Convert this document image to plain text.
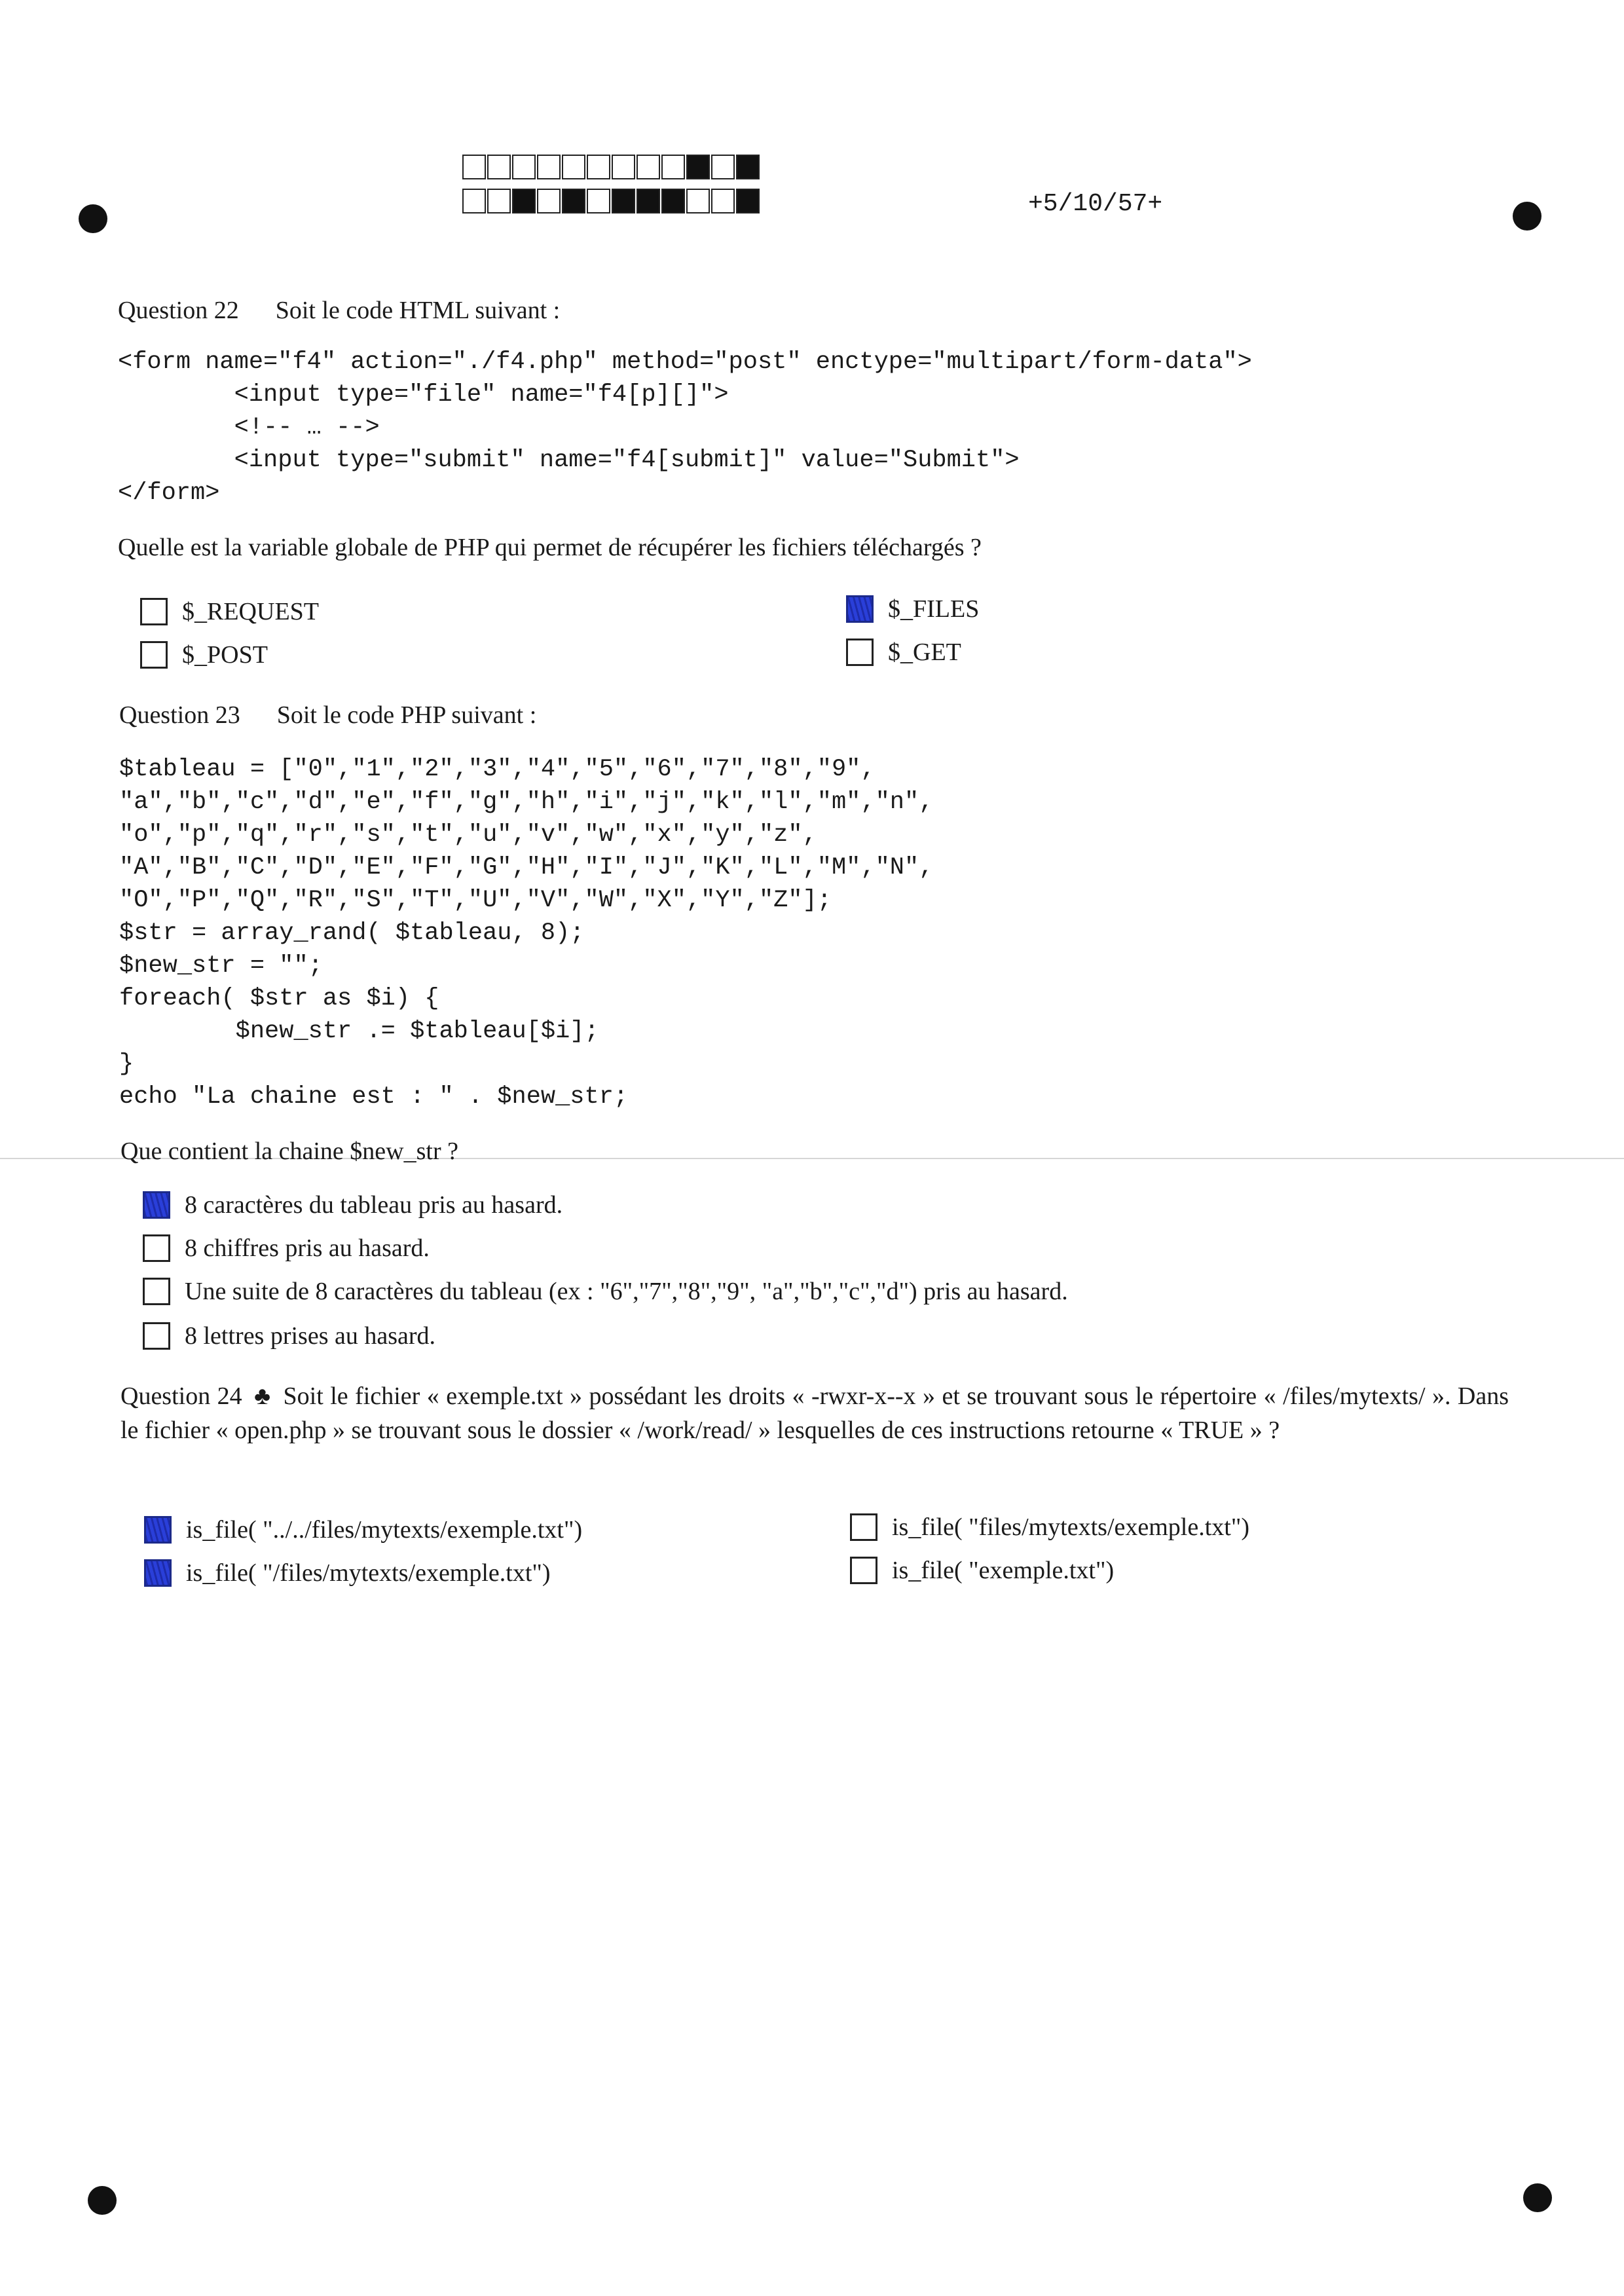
+5/10/57+
Question 22 Soit le code HTML suivant :
<form name="f4" action="./f4.php" method="post" enctype="multipart/form-data">
<input type="file" name="f4[p][]">
<!-- … -->
<input type="submit" name="f4[submit]" value="Submit">
</form>
Quelle est la variable globale de PHP qui permet de récupérer les fichiers téléchargés ?
$_REQUEST
$_POST
$_FILES
$_GET
Question 23 Soit le code PHP suivant :
$tableau = ["0","1","2","3","4","5","6","7","8","9",
"a","b","c","d","e","f","g","h","i","j","k","l","m","n",
"o","p","q","r","s","t","u","v","w","x","y","z",
"A","B","C","D","E","F","G","H","I","J","K","L","M","N",
"O","P","Q","R","S","T","U","V","W","X","Y","Z"];
$str = array_rand( $tableau, 8);
$new_str = "";
foreach( $str as $i) {
$new_str .= $tableau[$i];
}
echo "La chaine est : " . $new_str;
Que contient la chaine $new_str ?
8 caractères du tableau pris au hasard.
8 chiffres pris au hasard.
Une suite de 8 caractères du tableau (ex : "6","7","8","9", "a","b","c","d") pris au hasard.
8 lettres prises au hasard.
Question 24 ♣ Soit le fichier « exemple.txt » possédant les droits « -rwxr-x--x » et se trouvant sous le répertoire « /files/mytexts/ ». Dans le fichier « open.php » se trouvant sous le dossier « /work/read/ » lesquelles de ces instructions retourne « TRUE » ?
is_file( "../../files/mytexts/exemple.txt")
is_file( "/files/mytexts/exemple.txt")
is_file( "files/mytexts/exemple.txt")
is_file( "exemple.txt")
